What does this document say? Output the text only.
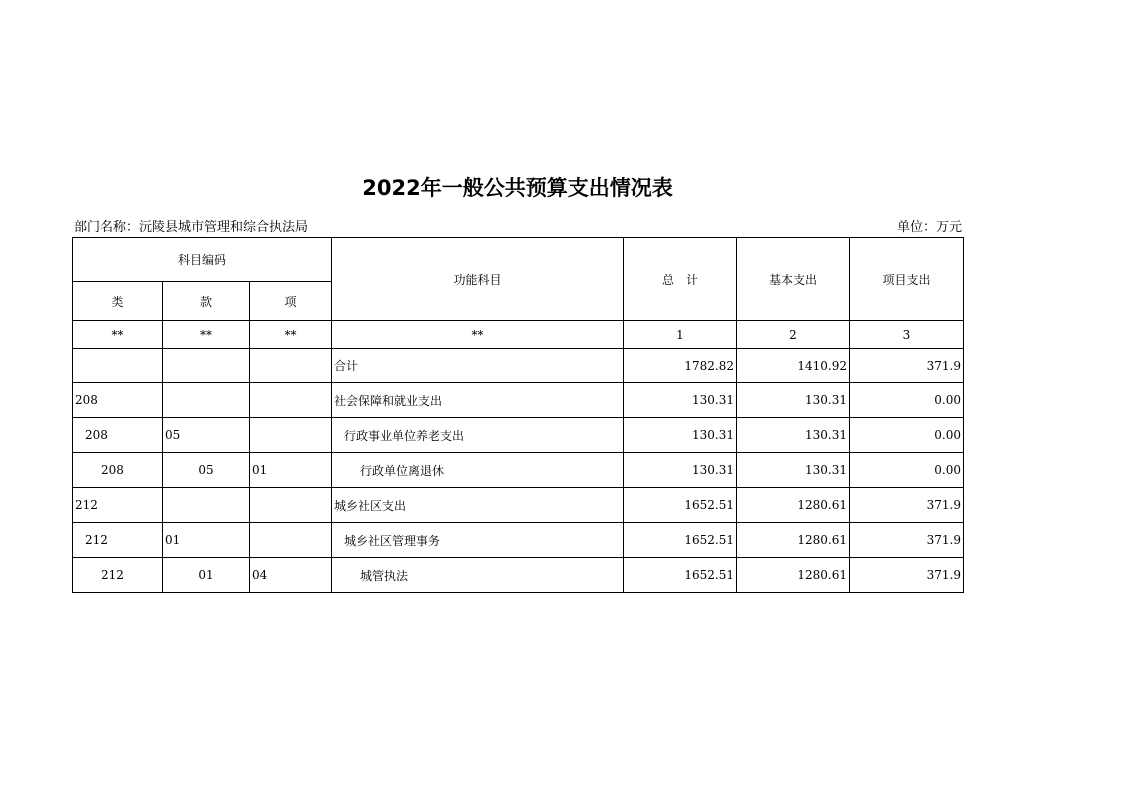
2022年一般公共预算支出情况表
部门名称：沅陵县城市管理和综合执法局	单位：万元
科目编码			功能科目	总　计	基本支出	项目支出
类	款	项				
**	**	**	**	1	2	3
			合计	1782.82	1410.92	371.9
208			社会保障和就业支出	130.31	130.31	0.00
208	05		行政事业单位养老支出	130.31	130.31	0.00
208	05	01	行政单位离退休	130.31	130.31	0.00
212			城乡社区支出	1652.51	1280.61	371.9
212	01		城乡社区管理事务	1652.51	1280.61	371.9
212	01	04	城管执法	1652.51	1280.61	371.9
